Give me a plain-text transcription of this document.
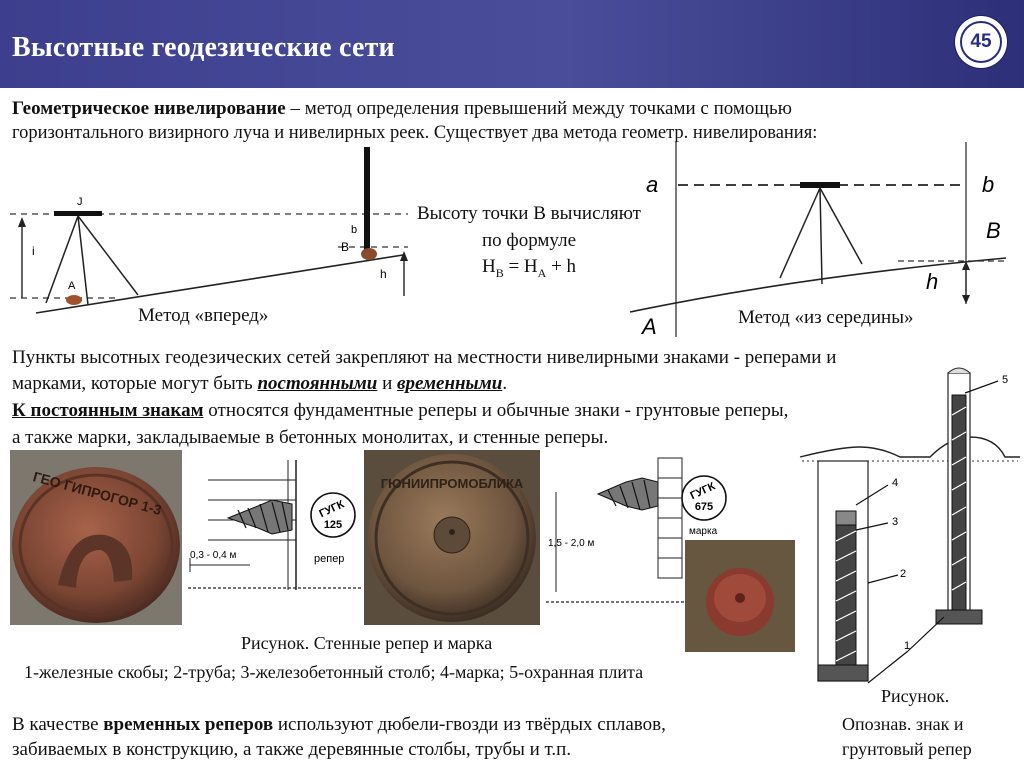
Высотные геодезические сети	45
Геометрическое нивелирование – метод определения превышений между точками с помощью
горизонтального визирного луча и нивелирных реек. Существует два метода геометр. нивелирования:
J
i
A
b
B
h
Метод «вперед»
Высоту точки B вычисляют
по формуле
$H_B = H_A + h$
a	b
B
h
A	Метод «из середины»
Пункты высотных геодезических сетей закрепляют на местности нивелирными знаками - реперами и
марками, которые могут быть постоянными и временными.
К постоянным знакам относятся фундаментные реперы и обычные знаки - грунтовые реперы,
а также марки, закладываемые в бетонных монолитах, и стенные реперы.
ГЕО ГИПРОГОР 1-3
0,3 - 0,4 м
ГУГК
125
репер
ГЮНИИПРОМОБЛИКА
1,5 - 2,0 м
ГУГК
675
марка
5
4
3
2
1
Рисунок. Стенные репер и марка
1-железные скобы; 2-труба; 3-железобетонный столб; 4-марка; 5-охранная плита
Рисунок.
Опознав. знак и
грунтовый репер
В качестве временных реперов используют дюбели-гвозди из твёрдых сплавов,
забиваемых в конструкцию, а также деревянные столбы, трубы и т.п.
